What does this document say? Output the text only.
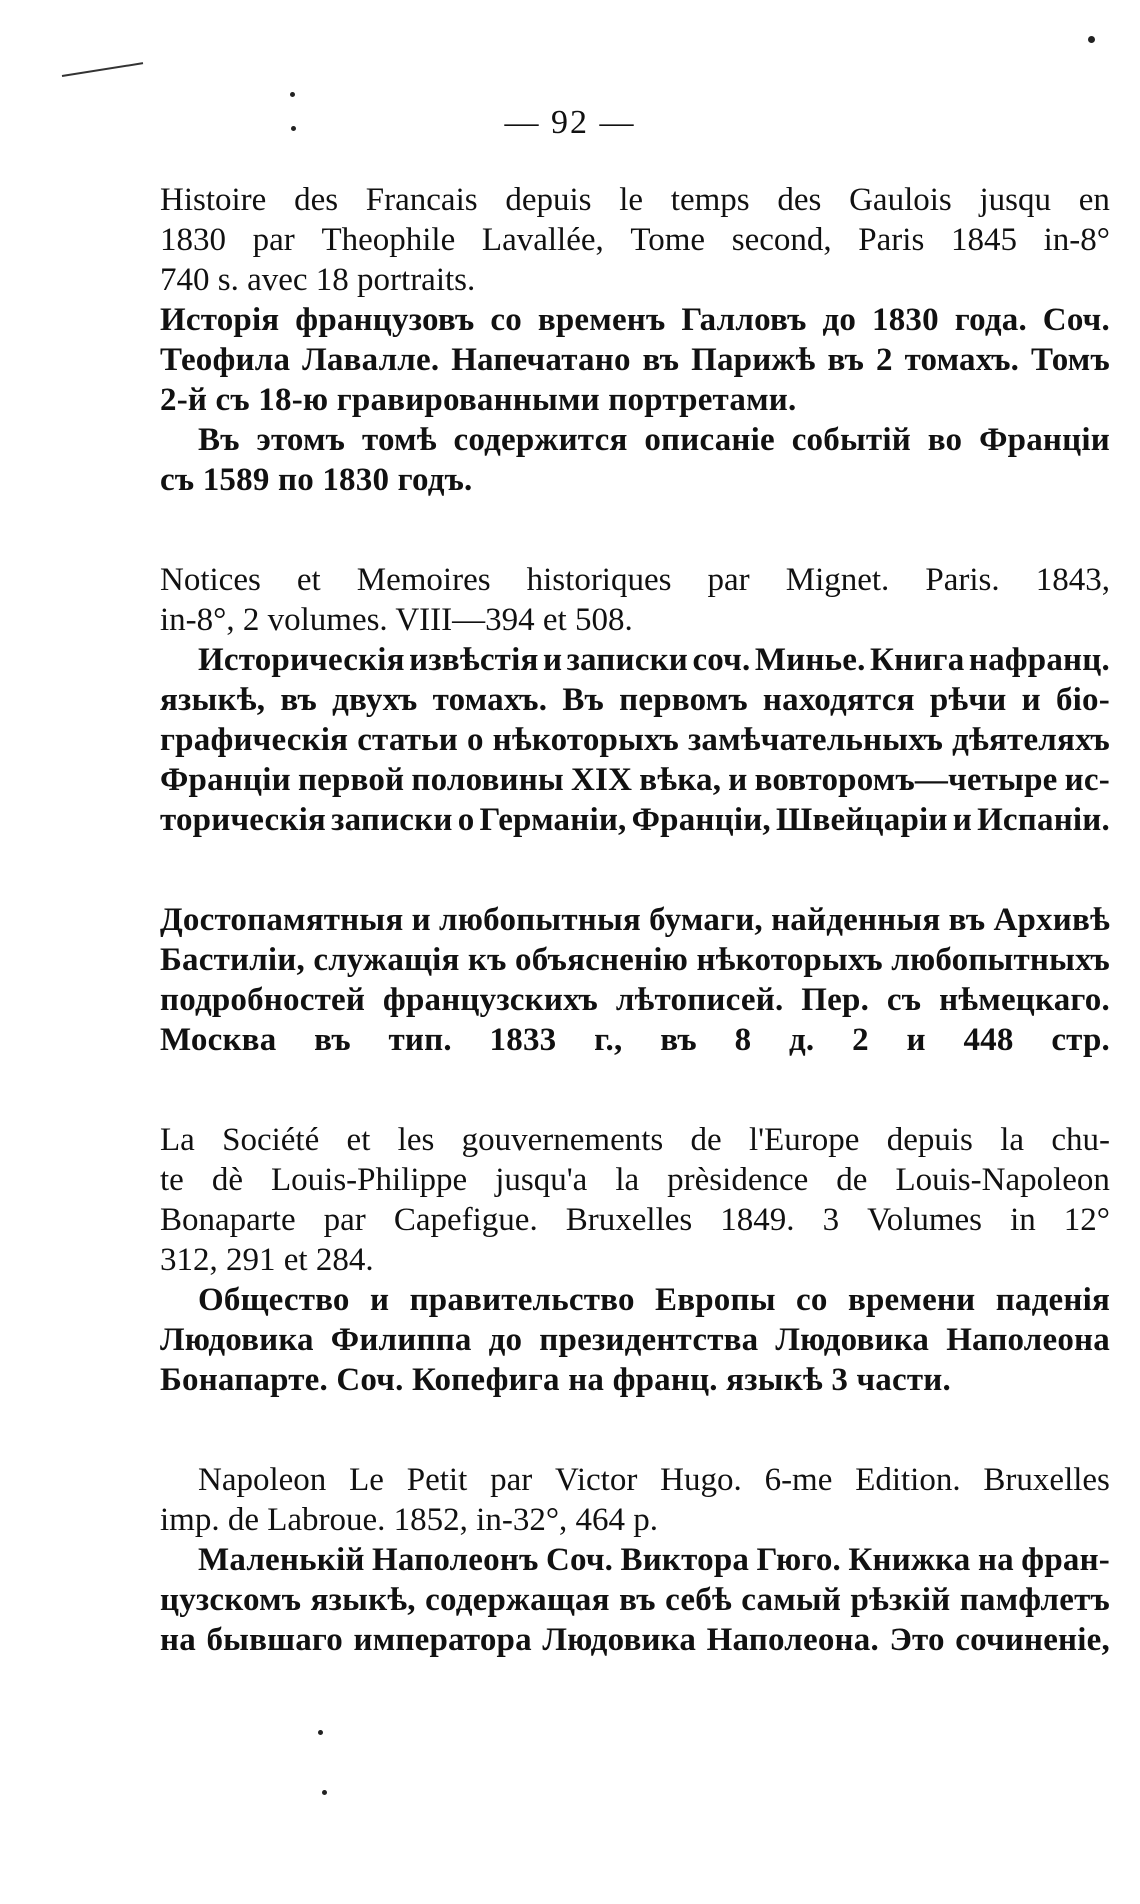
— 92 —
Histoire des Francais depuis le temps des Gaulois jusqu en
1830 par Theophile Lavallée, Tome second, Paris 1845 in-8°
740 s. avec 18 portraits.
Исторія французовъ со временъ Галловъ до 1830 года. Соч.
Теофила Лавалле. Напечатано въ Парижѣ въ 2 томахъ. Томъ
2-й съ 18-ю гравированными портретами.
Въ этомъ томѣ содержится описаніе событій во Франціи
съ 1589 по 1830 годъ.
Notices et Memoires historiques par Mignet. Paris. 1843,
in-8°, 2 volumes. VIII—394 et 508.
Историческія извѣстія и записки соч. Минье. Книга нафранц.
языкѣ, въ двухъ томахъ. Въ первомъ находятся рѣчи и біо-
графическія статьи о нѣкоторыхъ замѣчательныхъ дѣятеляхъ
Франціи первой половины XIX вѣка, и вовторомъ—четыре ис-
торическія записки о Германіи, Франціи, Швейцаріи и Испаніи.
Достопамятныя и любопытныя бумаги, найденныя въ Архивѣ
Бастиліи, служащія къ объясненію нѣкоторыхъ любопытныхъ
подробностей французскихъ лѣтописей. Пер. съ нѣмецкаго.
Москва въ тип. 1833 г., въ 8 д. 2 и 448 стр.
La Société et les gouvernements de l'Europe depuis la chu-
te dè Louis-Philippe jusqu'a la prèsidence de Louis-Napoleon
Bonaparte par Capefigue. Bruxelles 1849. 3 Volumes in 12°
312, 291 et 284.
Общество и правительство Европы со времени паденія
Людовика Филиппа до президентства Людовика Наполеона
Бонапарте. Соч. Копефига на франц. языкѣ 3 части.
Napoleon Le Petit par Victor Hugo. 6-me Edition. Bruxelles
imp. de Labroue. 1852, in-32°, 464 p.
Маленькій Наполеонъ Соч. Виктора Гюго. Книжка на фран-
цузскомъ языкѣ, содержащая въ себѣ самый рѣзкій памфлетъ
на бывшаго императора Людовика Наполеона. Это сочиненіе,
